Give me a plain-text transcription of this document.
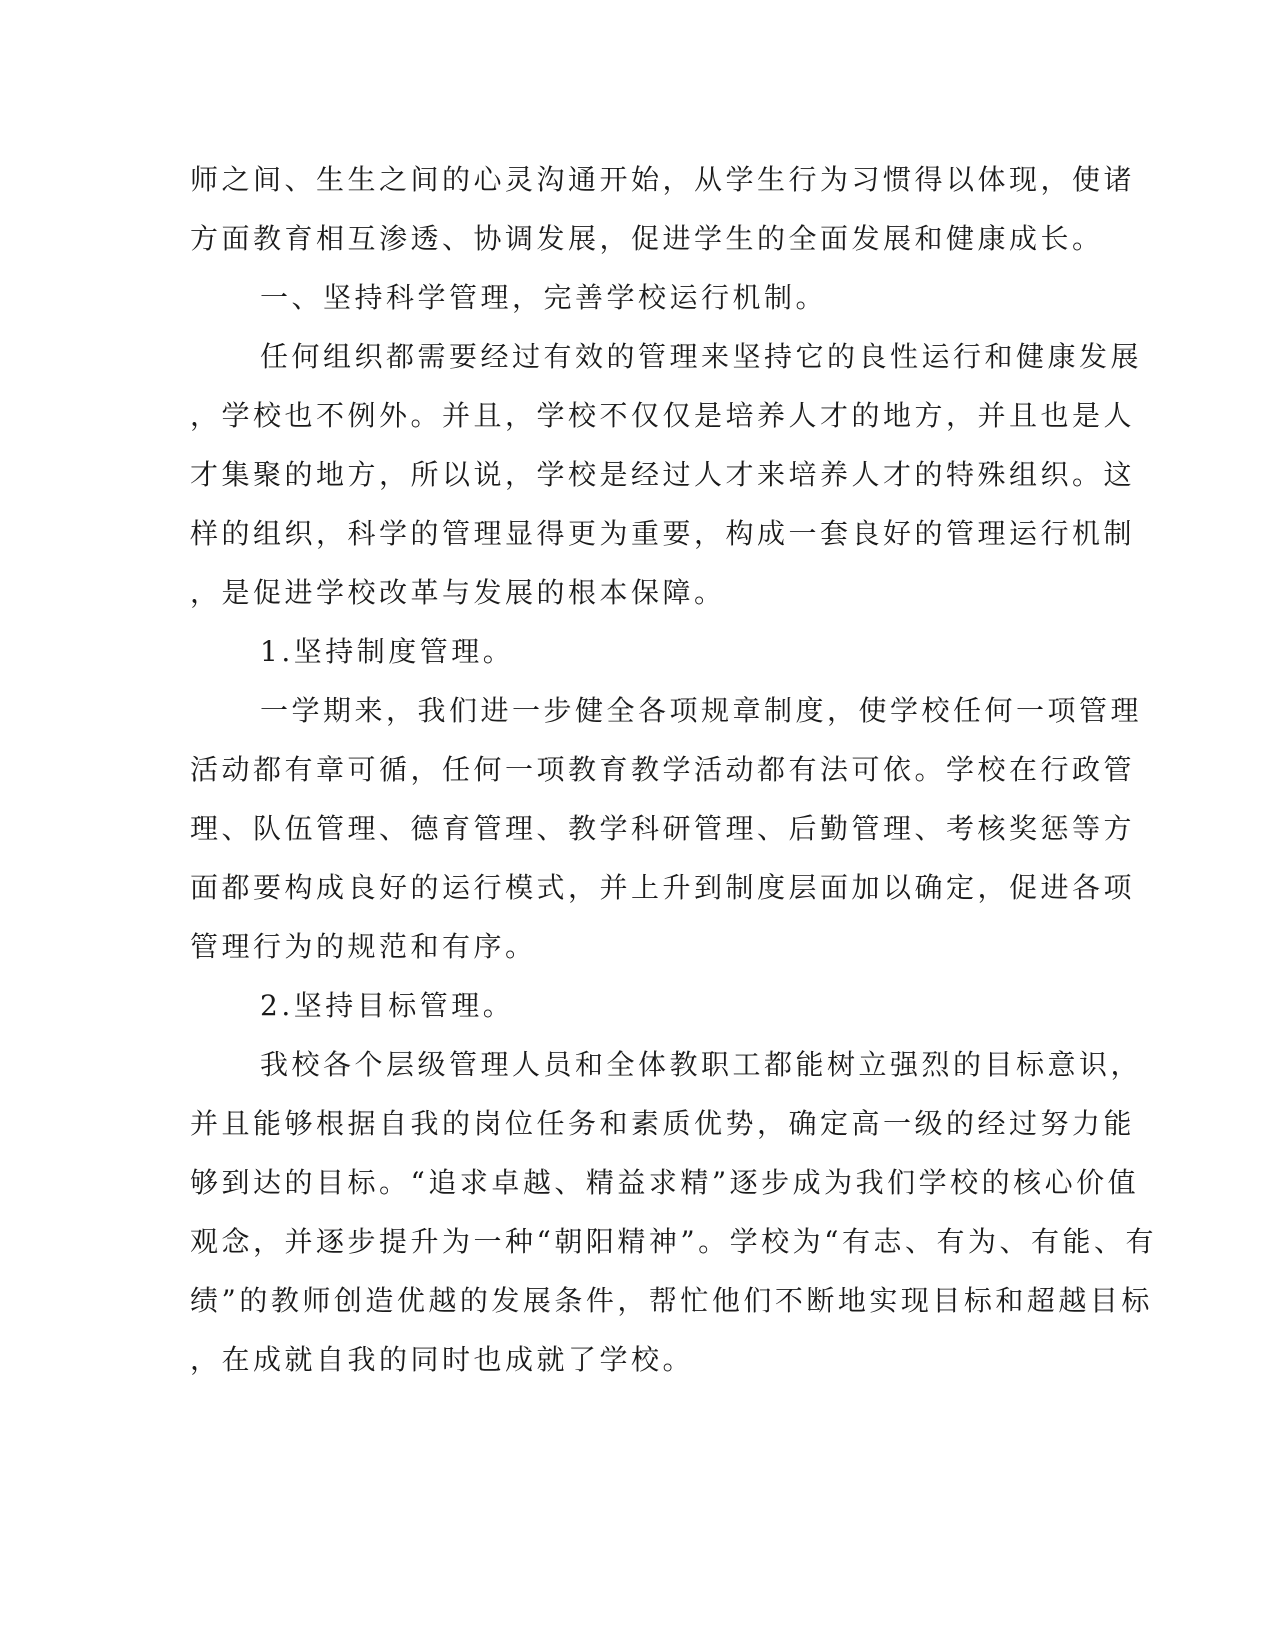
师之间、生生之间的心灵沟通开始，从学生行为习惯得以体现，使诸
方面教育相互渗透、协调发展，促进学生的全面发展和健康成长。
一、坚持科学管理，完善学校运行机制。
任何组织都需要经过有效的管理来坚持它的良性运行和健康发展
，学校也不例外。并且，学校不仅仅是培养人才的地方，并且也是人
才集聚的地方，所以说，学校是经过人才来培养人才的特殊组织。这
样的组织，科学的管理显得更为重要，构成一套良好的管理运行机制
，是促进学校改革与发展的根本保障。
1.坚持制度管理。
一学期来，我们进一步健全各项规章制度，使学校任何一项管理
活动都有章可循，任何一项教育教学活动都有法可依。学校在行政管
理、队伍管理、德育管理、教学科研管理、后勤管理、考核奖惩等方
面都要构成良好的运行模式，并上升到制度层面加以确定，促进各项
管理行为的规范和有序。
2.坚持目标管理。
我校各个层级管理人员和全体教职工都能树立强烈的目标意识，
并且能够根据自我的岗位任务和素质优势，确定高一级的经过努力能
够到达的目标。“追求卓越、精益求精”逐步成为我们学校的核心价值
观念，并逐步提升为一种“朝阳精神”。学校为“有志、有为、有能、有
绩”的教师创造优越的发展条件，帮忙他们不断地实现目标和超越目标
，在成就自我的同时也成就了学校。
